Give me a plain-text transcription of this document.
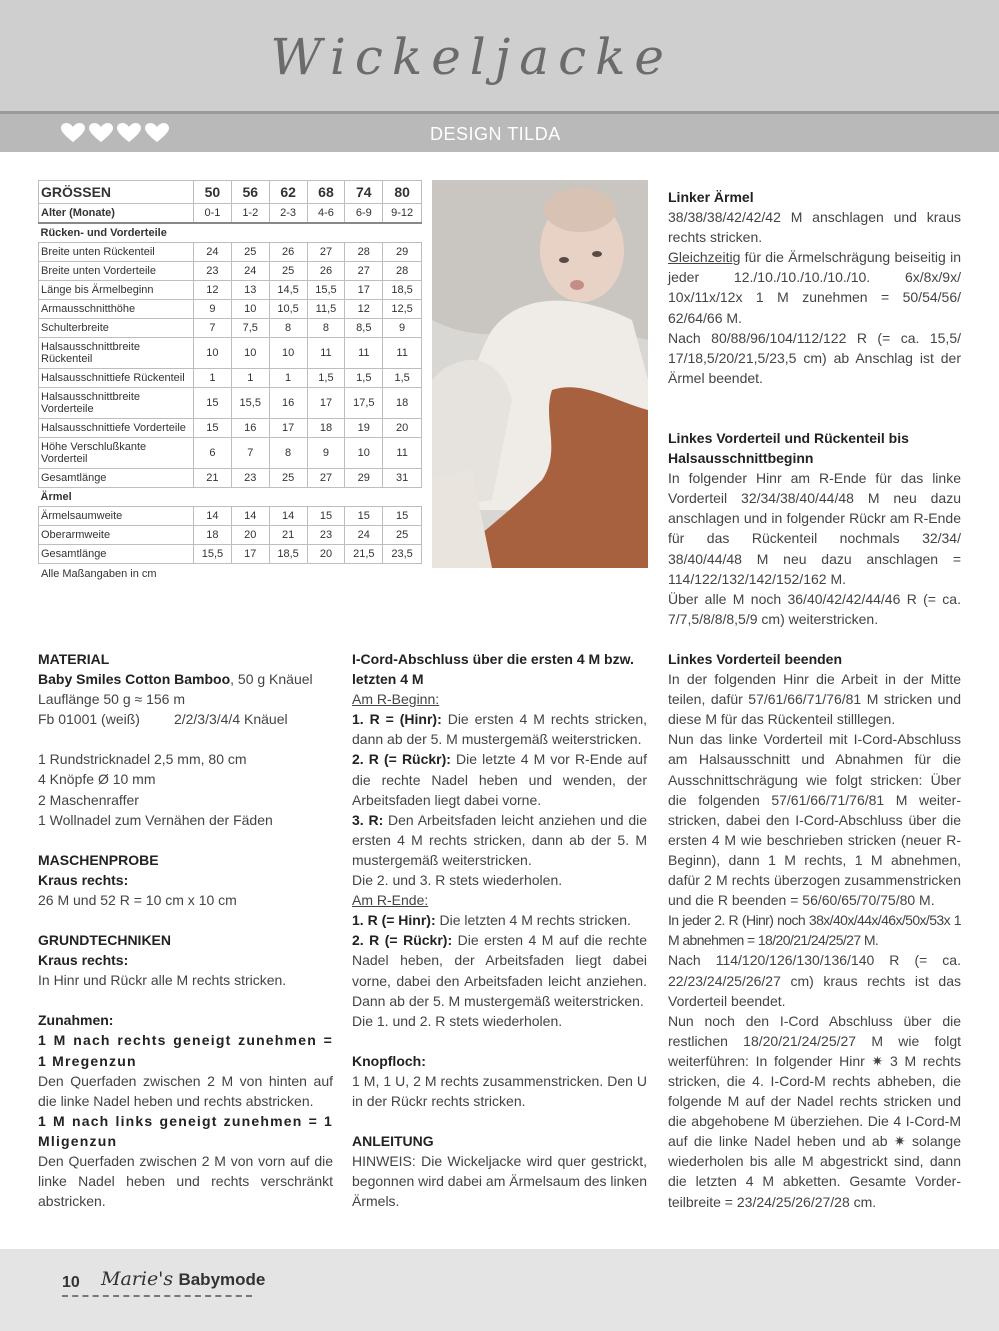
Wickeljacke
DESIGN TILDA
GRÖSSEN	50	56	62	68	74	80
Alter (Monate)	0-1	1-2	2-3	4-6	6-9	9-12
Rücken- und Vorderteile						
Breite unten Rückenteil	24	25	26	27	28	29
Breite unten Vorderteile	23	24	25	26	27	28
Länge bis Ärmelbeginn	12	13	14,5	15,5	17	18,5
Armausschnitthöhe	9	10	10,5	11,5	12	12,5
Schulterbreite	7	7,5	8	8	8,5	9
Halsausschnittbreite Rückenteil	10	10	10	11	11	11
Halsausschnittiefe Rückenteil	1	1	1	1,5	1,5	1,5
Halsausschnittbreite Vorderteile	15	15,5	16	17	17,5	18
Halsausschnittiefe Vorderteile	15	16	17	18	19	20
Höhe Verschlußkante Vorderteil	6	7	8	9	10	11
Gesamtlänge	21	23	25	27	29	31
Ärmel						
Ärmelsaumweite	14	14	14	15	15	15
Oberarmweite	18	20	21	23	24	25
Gesamtlänge	15,5	17	18,5	20	21,5	23,5
Alle Maßangaben in cm

Linker Ärmel

38/38/38/42/42/42 M anschlagen und kraus rechts stricken.

Gleichzeitig für die Ärmelschrägung beiseitig in jeder 12./10./10./10./10./10. 6x/8x/9x/ 10x/11x/12x 1 M zunehmen = 50/54/56/ 62/64/66 M.

Nach 80/88/96/104/112/122 R (= ca. 15,5/ 17/18,5/20/21,5/23,5 cm) ab Anschlag ist der Ärmel beendet.

Linkes Vorderteil und Rückenteil bis Halsausschnittbeginn

In folgender Hinr am R-Ende für das linke Vorderteil 32/34/38/40/44/48 M neu dazu anschlagen und in folgender Rückr am R-Ende für das Rückenteil nochmals 32/34/ 38/40/44/48 M neu dazu anschlagen = 114/122/132/142/152/162 M.

Über alle M noch 36/40/42/42/44/46 R (= ca. 7/7,5/8/8/8,5/9 cm) weiterstricken.

MATERIAL

Baby Smiles Cotton Bamboo, 50 g Knäuel

Lauflänge 50 g ≈ 156 m

Fb 01001 (weiß) 2/2/3/3/4/4 Knäuel

1 Rundstricknadel 2,5 mm, 80 cm

4 Knöpfe Ø 10 mm

2 Maschenraffer

1 Wollnadel zum Vernähen der Fäden

MASCHENPROBE

Kraus rechts:

26 M und 52 R = 10 cm x 10 cm

GRUNDTECHNIKEN

Kraus rechts:

In Hinr und Rückr alle M rechts stricken.

Zunahmen:

1 M nach rechts geneigt zunehmen = 1 Mregenzun

Den Querfaden zwischen 2 M von hinten auf die linke Nadel heben und rechts abstricken.

1 M nach links geneigt zunehmen = 1 Mligenzun

Den Querfaden zwischen 2 M von vorn auf die linke Nadel heben und rechts verschränkt abstricken.

I-Cord-Abschluss über die ersten 4 M bzw. letzten 4 M

Am R-Beginn:

1. R = (Hinr): Die ersten 4 M rechts stricken, dann ab der 5. M mustergemäß weiterstricken.

2. R (= Rückr): Die letzte 4 M vor R-Ende auf die rechte Nadel heben und wenden, der Arbeitsfaden liegt dabei vorne.

3. R: Den Arbeitsfaden leicht anziehen und die ersten 4 M rechts stricken, dann ab der 5. M mustergemäß weiterstricken.

Die 2. und 3. R stets wiederholen.

Am R-Ende:

1. R (= Hinr): Die letzten 4 M rechts stricken.

2. R (= Rückr): Die ersten 4 M auf die rechte Nadel heben, der Arbeitsfaden liegt dabei vorne, dabei den Arbeitsfaden leicht anziehen. Dann ab der 5. M mustergemäß weiterstricken.

Die 1. und 2. R stets wiederholen.

Knopfloch:

1 M, 1 U, 2 M rechts zusammenstricken. Den U in der Rückr rechts stricken.

ANLEITUNG

HINWEIS: Die Wickeljacke wird quer gestrickt, begonnen wird dabei am Ärmelsaum des linken Ärmels.

Linkes Vorderteil beenden

In der folgenden Hinr die Arbeit in der Mitte teilen, dafür 57/61/66/71/76/81 M stricken und diese M für das Rückenteil stilllegen.

Nun das linke Vorderteil mit I-Cord-Abschluss am Halsausschnitt und Abnahmen für die Ausschnittschrägung wie folgt stricken: Über die folgenden 57/61/66/71/76/81 M weiter-stricken, dabei den I-Cord-Abschluss über die ersten 4 M wie beschrieben stricken (neuer R-Beginn), dann 1 M rechts, 1 M abnehmen, dafür 2 M rechts überzogen zusammenstricken und die R beenden = 56/60/65/70/75/80 M.

In jeder 2. R (Hinr) noch 38x/40x/44x/46x/50x/53x 1 M abnehmen = 18/20/21/24/25/27 M.

Nach 114/120/126/130/136/140 R (= ca. 22/23/24/25/26/27 cm) kraus rechts ist das Vorderteil beendet.

Nun noch den I-Cord Abschluss über die restlichen 18/20/21/24/25/27 M wie folgt weiterführen: In folgender Hinr ✷ 3 M rechts stricken, die 4. I-Cord-M rechts abheben, die folgende M auf der Nadel rechts stricken und die abgehobene M überziehen. Die 4 I-Cord-M auf die linke Nadel heben und ab ✷ solange wiederholen bis alle M abgestrickt sind, dann die letzten 4 M abketten. Gesamte Vorder-teilbreite = 23/24/25/26/27/28 cm.

10 Marie's Babymode
